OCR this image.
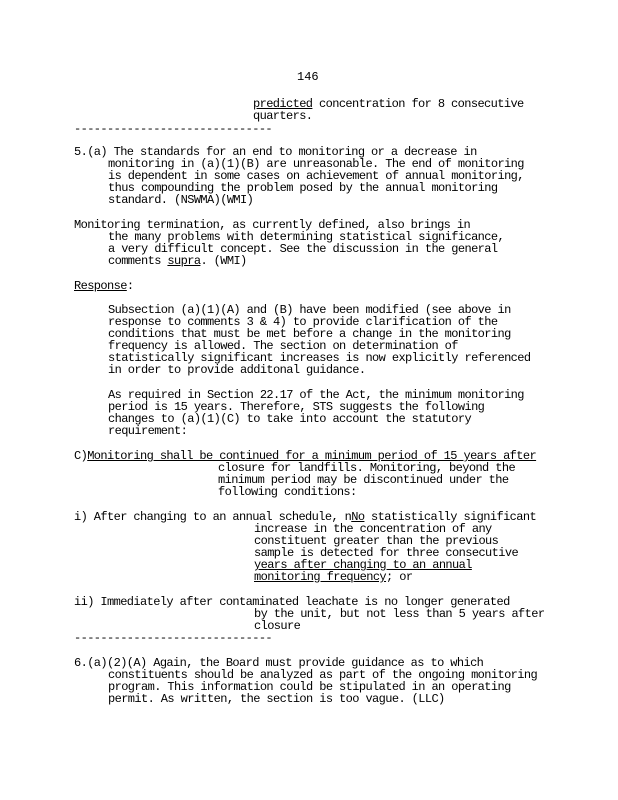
146
predicted concentration for 8 consecutive
quarters.
------------------------------
5.(a) The standards for an end to monitoring or a decrease in
monitoring in (a)(1)(B) are unreasonable. The end of monitoring
is dependent in some cases on achievement of annual monitoring,
thus compounding the problem posed by the annual monitoring
standard. (NSWMA)(WMI)
Monitoring termination, as currently defined, also brings in
the many problems with determining statistical significance,
a very difficult concept. See the discussion in the general
comments supra. (WMI)
Response:
Subsection (a)(1)(A) and (B) have been modified (see above in
response to comments 3 & 4) to provide clarification of the
conditions that must be met before a change in the monitoring
frequency is allowed. The section on determination of
statistically significant increases is now explicitly referenced
in order to provide additonal guidance.
As required in Section 22.17 of the Act, the minimum monitoring
period is 15 years. Therefore, STS suggests the following
changes to (a)(1)(C) to take into account the statutory
requirement:
C)Monitoring shall be continued for a minimum period of 15 years after
closure for landfills. Monitoring, beyond the
minimum period may be discontinued under the
following conditions:
i) After changing to an annual schedule, nNo statistically significant
increase in the concentration of any
constituent greater than the previous
sample is detected for three consecutive
years after changing to an annual
monitoring frequency; or
ii) Immediately after contaminated leachate is no longer generated
by the unit, but not less than 5 years after
closure
------------------------------
6.(a)(2)(A) Again, the Board must provide guidance as to which
constituents should be analyzed as part of the ongoing monitoring
program. This information could be stipulated in an operating
permit. As written, the section is too vague. (LLC)
